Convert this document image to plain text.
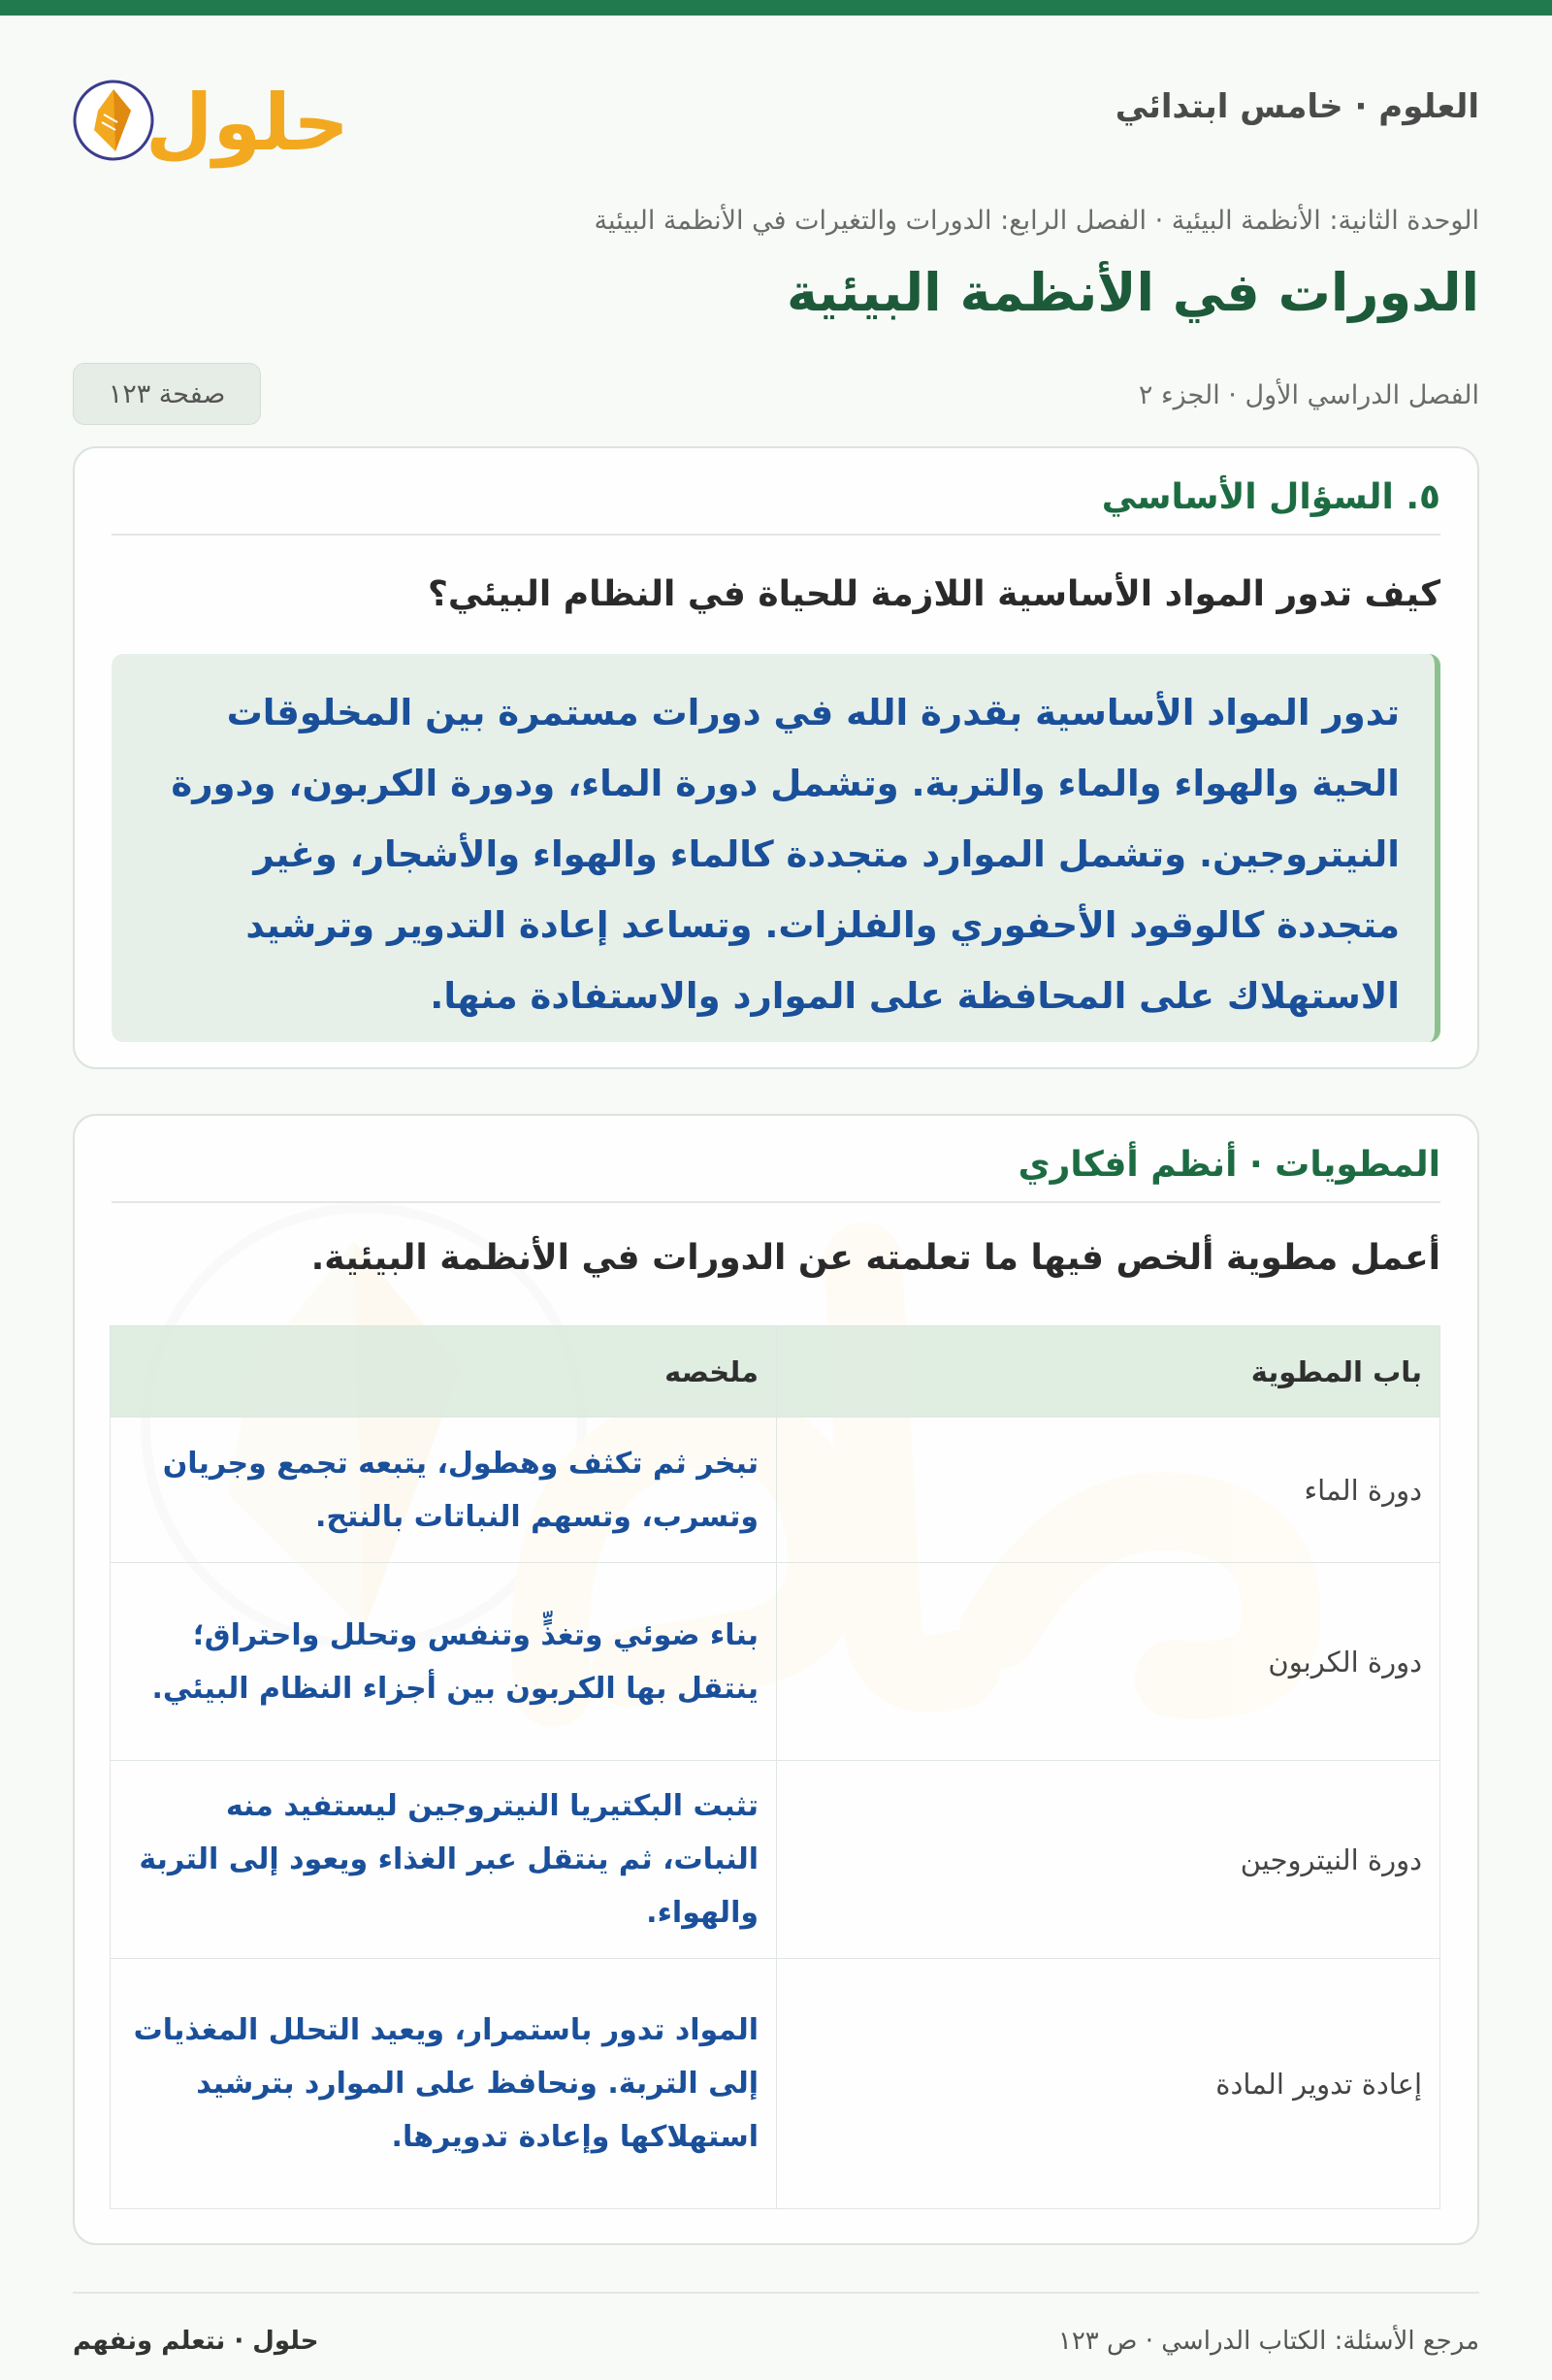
العلوم · خامس ابتدائي
حلول
الوحدة الثانية: الأنظمة البيئية · الفصل الرابع: الدورات والتغيرات في الأنظمة البيئية
الدورات في الأنظمة البيئية
الفصل الدراسي الأول · الجزء ٢
صفحة ١٢٣
٥. السؤال الأساسي
كيف تدور المواد الأساسية اللازمة للحياة في النظام البيئي؟
تدور المواد الأساسية بقدرة الله في دورات مستمرة بين المخلوقات
الحية والهواء والماء والتربة. وتشمل دورة الماء، ودورة الكربون، ودورة
النيتروجين. وتشمل الموارد متجددة كالماء والهواء والأشجار، وغير
متجددة كالوقود الأحفوري والفلزات. وتساعد إعادة التدوير وترشيد
الاستهلاك على المحافظة على الموارد والاستفادة منها.
المطويات · أنظم أفكاري
أعمل مطوية ألخص فيها ما تعلمته عن الدورات في الأنظمة البيئية.
باب المطوية	ملخصه
دورة الماء	تبخر ثم تكثف وهطول، يتبعه تجمع وجريان وتسرب، وتسهم النباتات بالنتح.
دورة الكربون	بناء ضوئي وتغذٍّ وتنفس وتحلل واحتراق؛ ينتقل بها الكربون بين أجزاء النظام البيئي.
دورة النيتروجين	تثبت البكتيريا النيتروجين ليستفيد منه النبات، ثم ينتقل عبر الغذاء ويعود إلى التربة والهواء.
إعادة تدوير المادة	المواد تدور باستمرار، ويعيد التحلل المغذيات إلى التربة. ونحافظ على الموارد بترشيد استهلاكها وإعادة تدويرها.
مرجع الأسئلة: الكتاب الدراسي · ص ١٢٣
حلول · نتعلم ونفهم
